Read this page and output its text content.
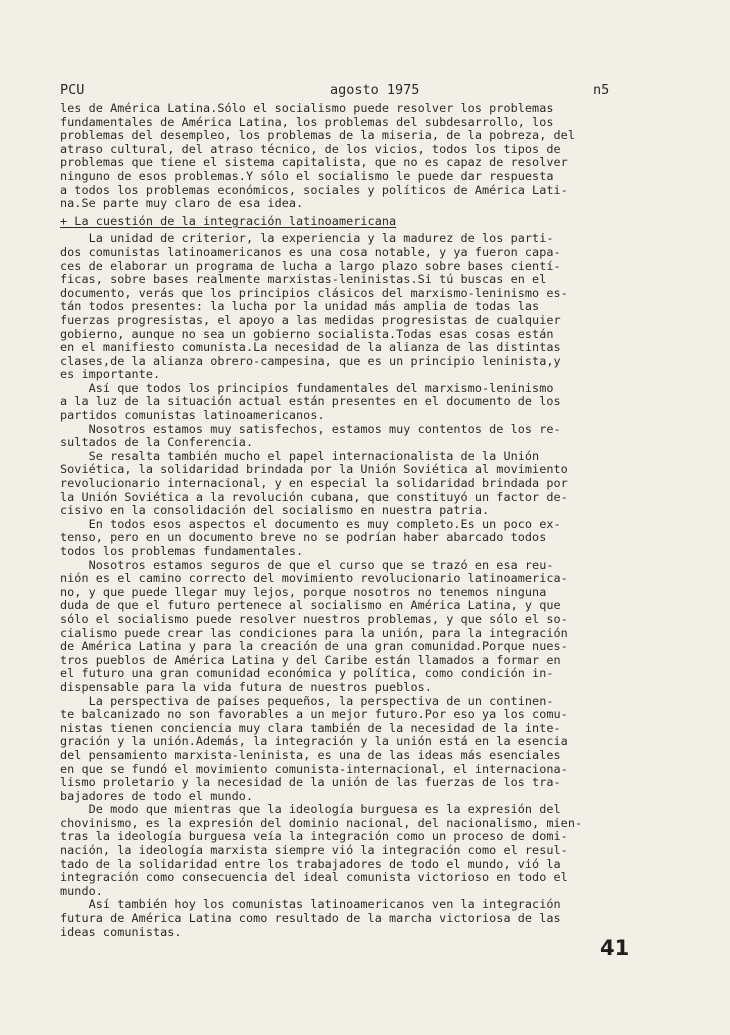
PCU	agosto 1975	n5

les de América Latina.Sólo el socialismo puede resolver los problemas

fundamentales de América Latina, los problemas del subdesarrollo, los

problemas del desempleo, los problemas de la miseria, de la pobreza, del

atraso cultural, del atraso técnico, de los vicios, todos los tipos de

problemas que tiene el sistema capitalista, que no es capaz de resolver

ninguno de esos problemas.Y sólo el socialismo le puede dar respuesta

a todos los problemas económicos, sociales y políticos de América Lati-

na.Se parte muy claro de esa idea.

+ La cuestión de la integración latinoamericana

La unidad de criterior, la experiencia y la madurez de los parti-

dos comunistas latinoamericanos es una cosa notable, y ya fueron capa-

ces de elaborar un programa de lucha a largo plazo sobre bases cientí-

ficas, sobre bases realmente marxistas-leninistas.Si tú buscas en el

documento, verás que los principios clásicos del marxismo-leninismo es-

tán todos presentes: la lucha por la unidad más amplia de todas las

fuerzas progresistas, el apoyo a las medidas progresistas de cualquier

gobierno, aunque no sea un gobierno socialista.Todas esas cosas están

en el manifiesto comunista.La necesidad de la alianza de las distintas

clases,de la alianza obrero-campesina, que es un principio leninista,y

es importante.

Así que todos los principios fundamentales del marxismo-leninismo

a la luz de la situación actual están presentes en el documento de los

partidos comunistas latinoamericanos.

Nosotros estamos muy satisfechos, estamos muy contentos de los re-

sultados de la Conferencia.

Se resalta también mucho el papel internacionalista de la Unión

Soviética, la solidaridad brindada por la Unión Soviética al movimiento

revolucionario internacional, y en especial la solidaridad brindada por

la Unión Soviética a la revolución cubana, que constituyó un factor de-

cisivo en la consolidación del socialismo en nuestra patria.

En todos esos aspectos el documento es muy completo.Es un poco ex-

tenso, pero en un documento breve no se podrían haber abarcado todos

todos los problemas fundamentales.

Nosotros estamos seguros de que el curso que se trazó en esa reu-

nión es el camino correcto del movimiento revolucionario latinoamerica-

no, y que puede llegar muy lejos, porque nosotros no tenemos ninguna

duda de que el futuro pertenece al socialismo en América Latina, y que

sólo el socialismo puede resolver nuestros problemas, y que sólo el so-

cialismo puede crear las condiciones para la unión, para la integración

de América Latina y para la creación de una gran comunidad.Porque nues-

tros pueblos de América Latina y del Caribe están llamados a formar en

el futuro una gran comunidad económica y política, como condición in-

dispensable para la vida futura de nuestros pueblos.

La perspectiva de países pequeños, la perspectiva de un continen-

te balcanizado no son favorables a un mejor futuro.Por eso ya los comu-

nistas tienen conciencia muy clara también de la necesidad de la inte-

gración y la unión.Además, la integración y la unión está en la esencia

del pensamiento marxista-leninista, es una de las ideas más esenciales

en que se fundó el movimiento comunista-internacional, el internaciona-

lismo proletario y la necesidad de la unión de las fuerzas de los tra-

bajadores de todo el mundo.

De modo que mientras que la ideología burguesa es la expresión del

chovinismo, es la expresión del dominio nacional, del nacionalismo, mien-

tras la ideología burguesa veía la integración como un proceso de domi-

nación, la ideología marxista siempre vió la integración como el resul-

tado de la solidaridad entre los trabajadores de todo el mundo, vió la

integración como consecuencia del ideal comunista victorioso en todo el

mundo.

Así también hoy los comunistas latinoamericanos ven la integración

futura de América Latina como resultado de la marcha victoriosa de las

ideas comunistas.

41
